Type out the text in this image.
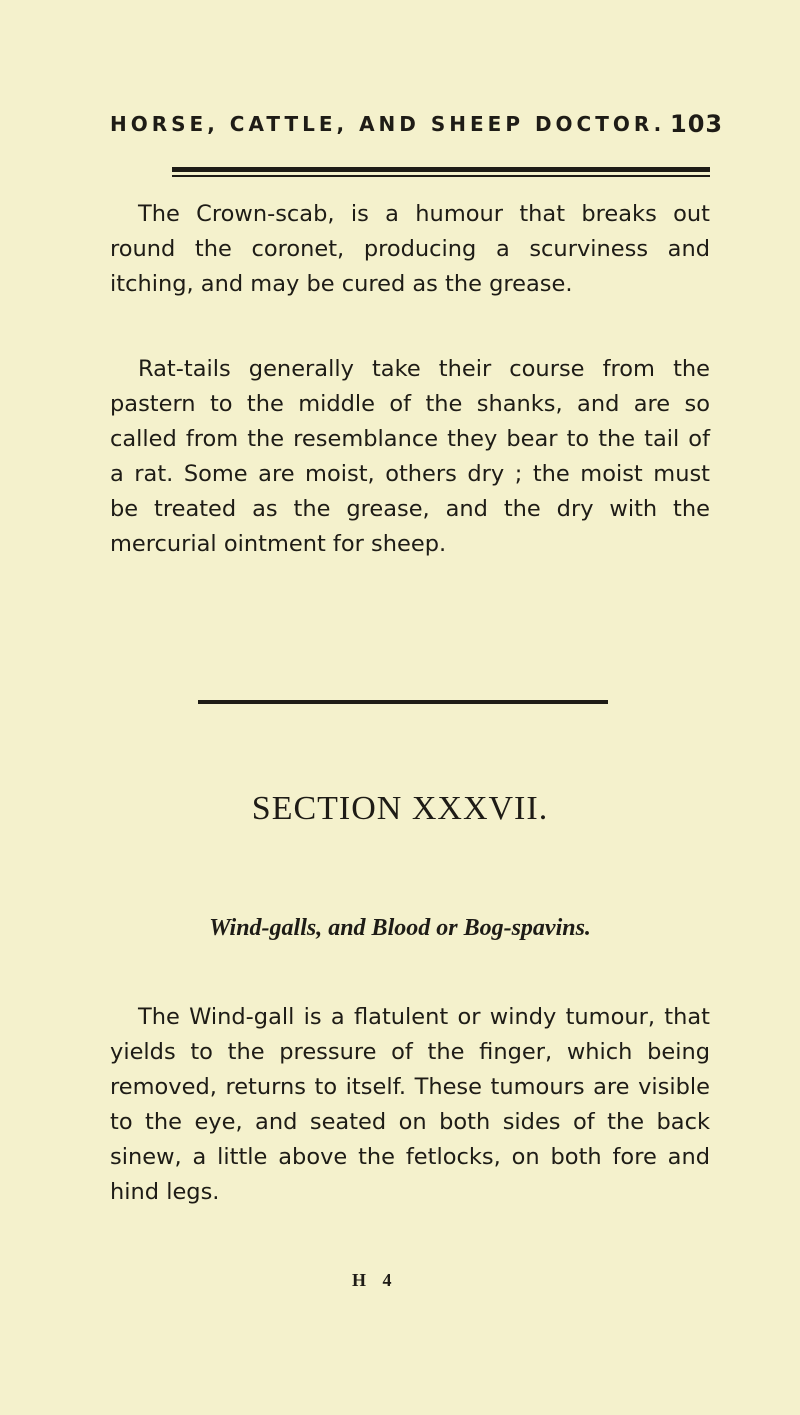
HORSE, CATTLE, AND SHEEP DOCTOR. 103

The Crown-scab, is a humour that breaks out round the coronet, producing a scurviness and itching, and may be cured as the grease.

Rat-tails generally take their course from the pastern to the middle of the shanks, and are so called from the resemblance they bear to the tail of a rat. Some are moist, others dry ; the moist must be treated as the grease, and the dry with the mercurial ointment for sheep.

SECTION XXXVII.
Wind-galls, and Blood or Bog-spavins.

The Wind-gall is a flatulent or windy tumour, that yields to the pressure of the finger, which being removed, returns to itself. These tumours are visible to the eye, and seated on both sides of the back sinew, a little above the fetlocks, on both fore and hind legs.

H 4
